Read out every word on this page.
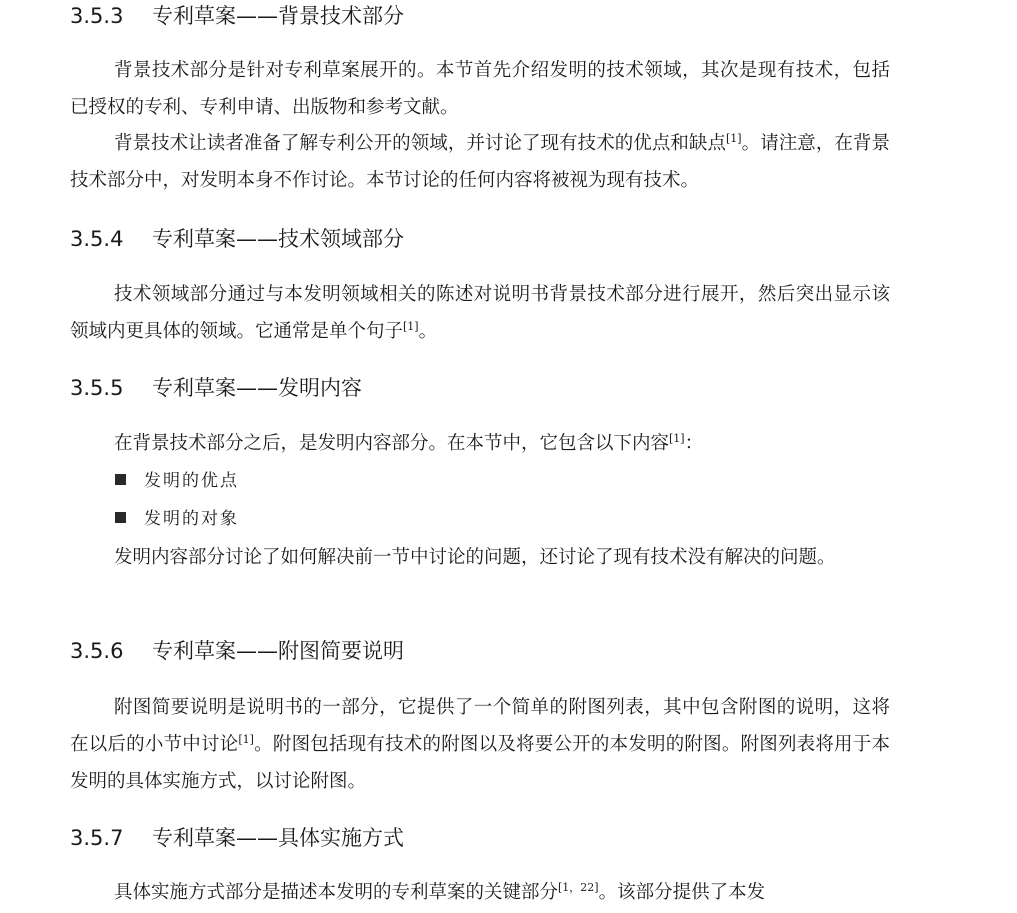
3.5.3 专利草案——背景技术部分

背景技术部分是针对专利草案展开的。本节首先介绍发明的技术领域，其次是现有技术，包括已授权的专利、专利申请、出版物和参考文献。

背景技术让读者准备了解专利公开的领域，并讨论了现有技术的优点和缺点[1]。请注意，在背景技术部分中，对发明本身不作讨论。本节讨论的任何内容将被视为现有技术。

3.5.4 专利草案——技术领域部分

技术领域部分通过与本发明领域相关的陈述对说明书背景技术部分进行展开，然后突出显示该领域内更具体的领域。它通常是单个句子[1]。

3.5.5 专利草案——发明内容

在背景技术部分之后，是发明内容部分。在本节中，它包含以下内容[1]：

发明的优点
发明的对象

发明内容部分讨论了如何解决前一节中讨论的问题，还讨论了现有技术没有解决的问题。

3.5.6 专利草案——附图简要说明

附图简要说明是说明书的一部分，它提供了一个简单的附图列表，其中包含附图的说明，这将在以后的小节中讨论[1]。附图包括现有技术的附图以及将要公开的本发明的附图。附图列表将用于本发明的具体实施方式，以讨论附图。

3.5.7 专利草案——具体实施方式

具体实施方式部分是描述本发明的专利草案的关键部分[1，22]。该部分提供了本发
